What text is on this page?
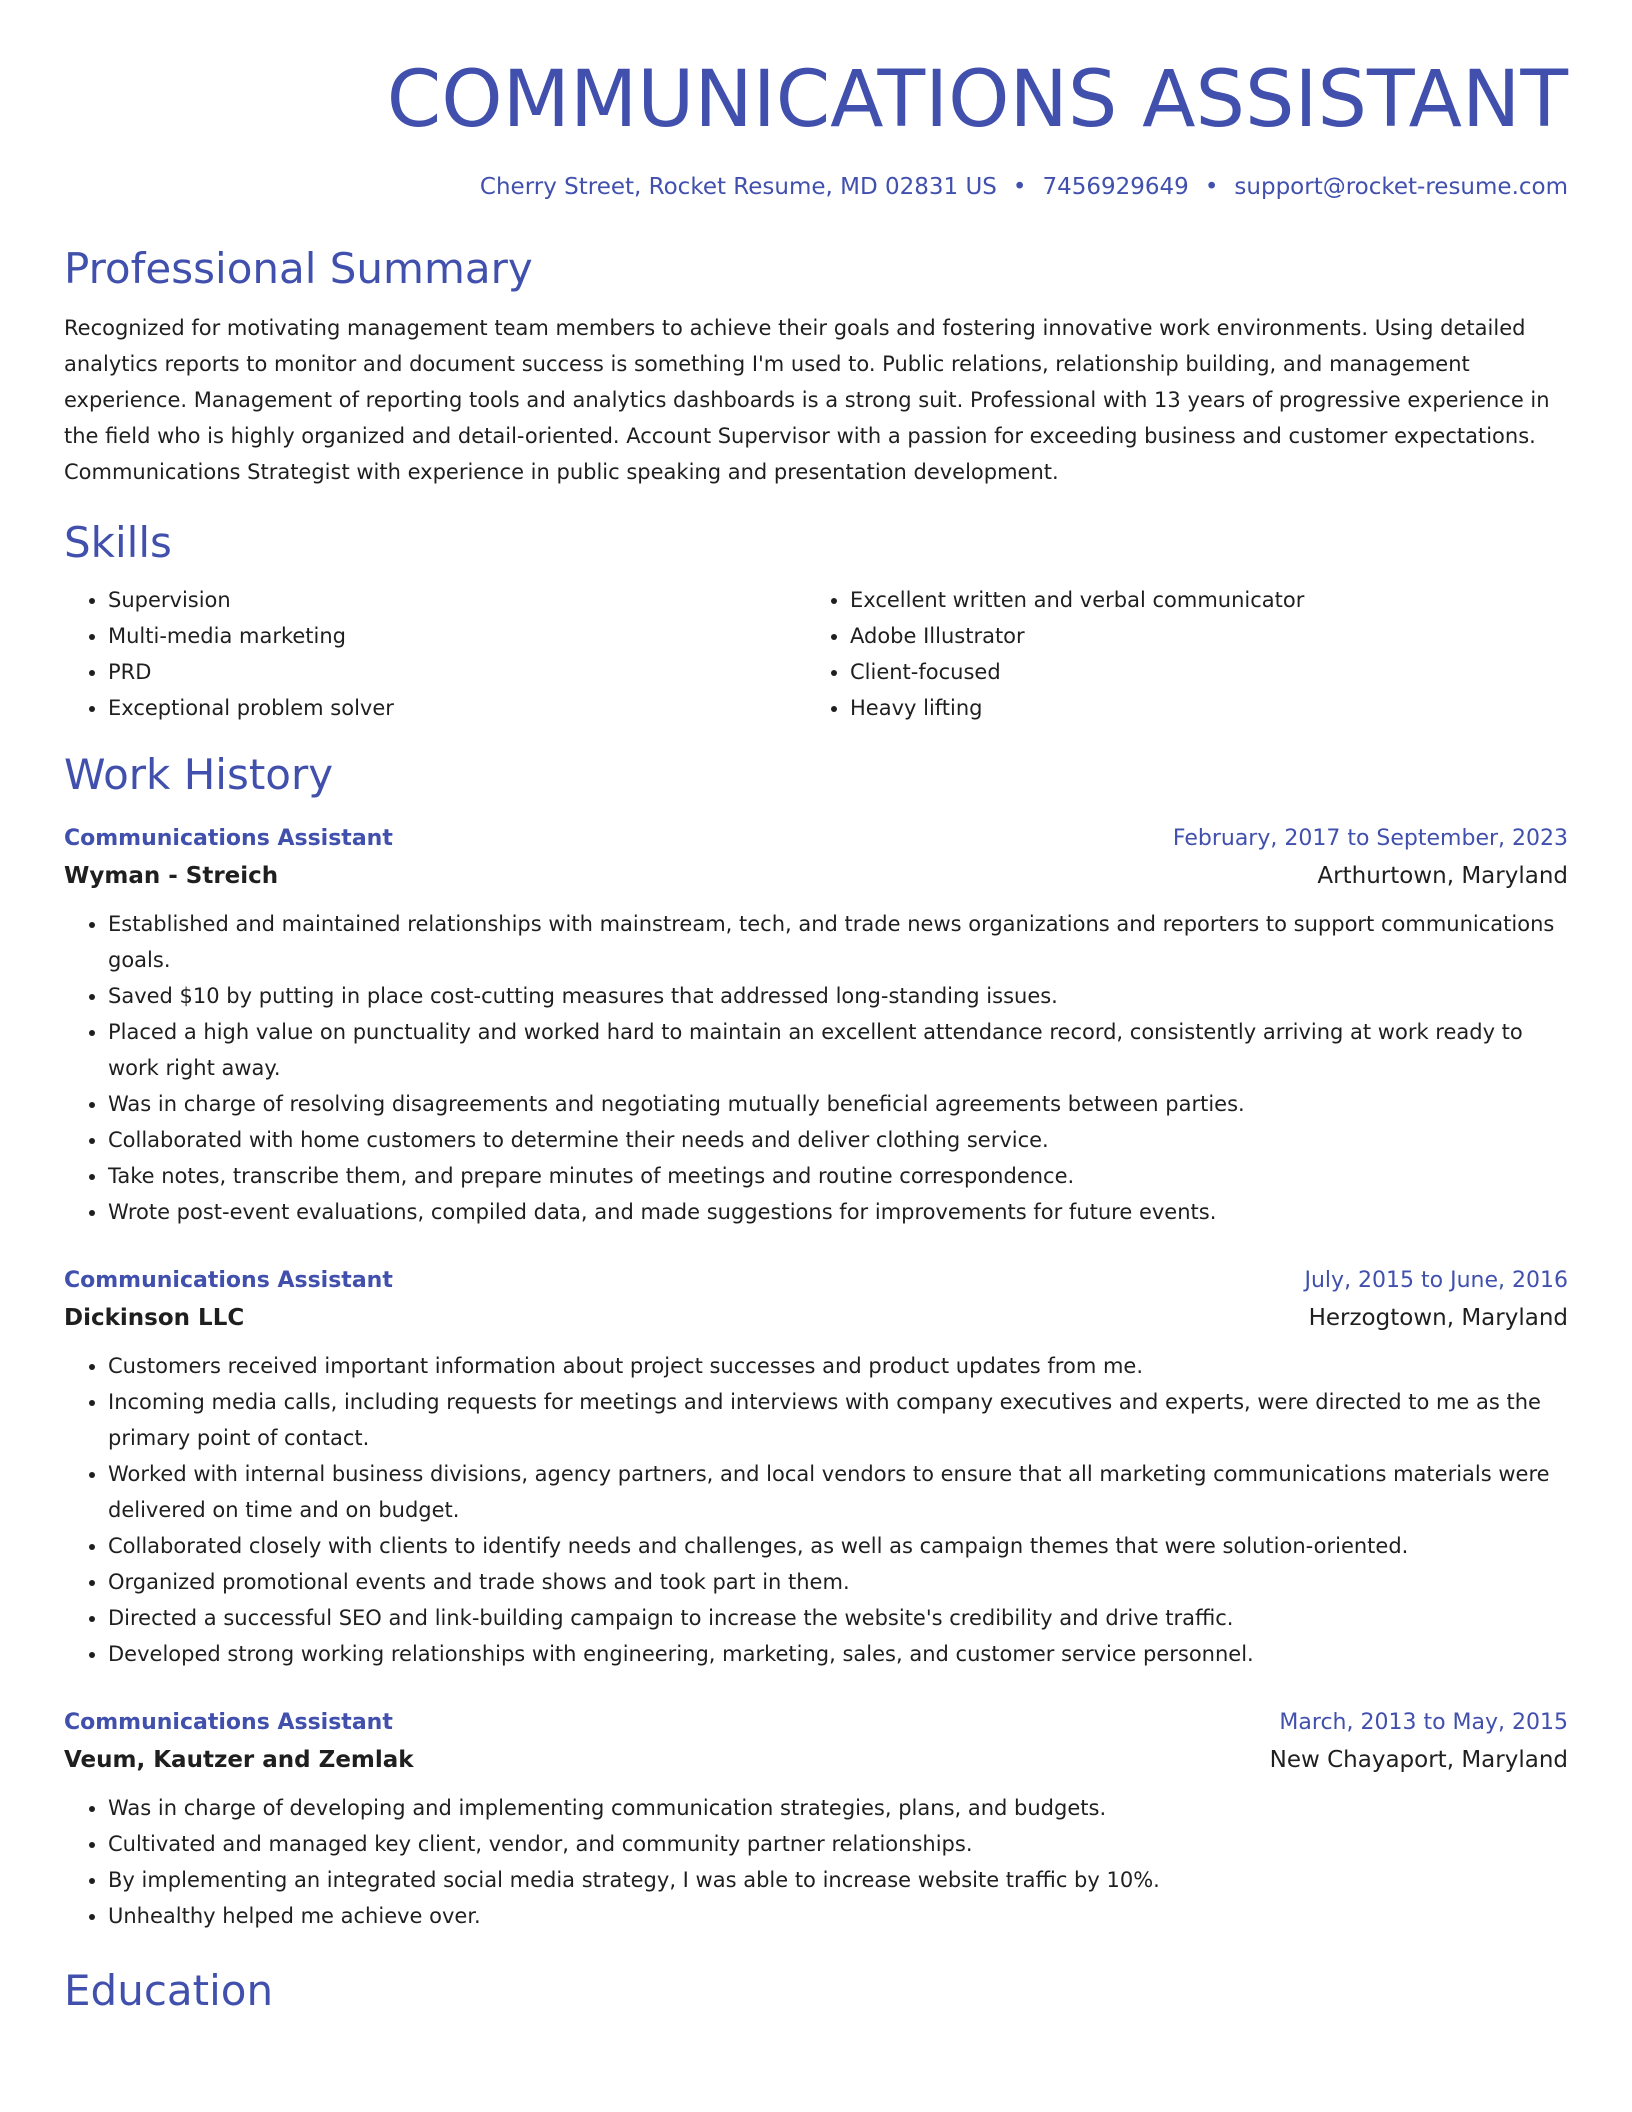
COMMUNICATIONS ASSISTANT
Cherry Street, Rocket Resume, MD 02831 US • 7456929649 • support@rocket-resume.com
Professional Summary

Recognized for motivating management team members to achieve their goals and fostering innovative work environments. Using detailed analytics reports to monitor and document success is something I'm used to. Public relations, relationship building, and management experience. Management of reporting tools and analytics dashboards is a strong suit. Professional with 13 years of progressive experience in the field who is highly organized and detail-oriented. Account Supervisor with a passion for exceeding business and customer expectations. Communications Strategist with experience in public speaking and presentation development.

Skills
• Supervision
• Multi-media marketing
• PRD
• Exceptional problem solver
• Excellent written and verbal communicator
• Adobe Illustrator
• Client-focused
• Heavy lifting
Work History
Communications Assistant	February, 2017 to September, 2023
Wyman - Streich	Arthurtown, Maryland
• Established and maintained relationships with mainstream, tech, and trade news organizations and reporters to support communications goals.
• Saved $10 by putting in place cost-cutting measures that addressed long-standing issues.
• Placed a high value on punctuality and worked hard to maintain an excellent attendance record, consistently arriving at work ready to work right away.
• Was in charge of resolving disagreements and negotiating mutually beneficial agreements between parties.
• Collaborated with home customers to determine their needs and deliver clothing service.
• Take notes, transcribe them, and prepare minutes of meetings and routine correspondence.
• Wrote post-event evaluations, compiled data, and made suggestions for improvements for future events.
Communications Assistant	July, 2015 to June, 2016
Dickinson LLC	Herzogtown, Maryland
• Customers received important information about project successes and product updates from me.
• Incoming media calls, including requests for meetings and interviews with company executives and experts, were directed to me as the primary point of contact.
• Worked with internal business divisions, agency partners, and local vendors to ensure that all marketing communications materials were delivered on time and on budget.
• Collaborated closely with clients to identify needs and challenges, as well as campaign themes that were solution-oriented.
• Organized promotional events and trade shows and took part in them.
• Directed a successful SEO and link-building campaign to increase the website's credibility and drive traffic.
• Developed strong working relationships with engineering, marketing, sales, and customer service personnel.
Communications Assistant	March, 2013 to May, 2015
Veum, Kautzer and Zemlak	New Chayaport, Maryland
• Was in charge of developing and implementing communication strategies, plans, and budgets.
• Cultivated and managed key client, vendor, and community partner relationships.
• By implementing an integrated social media strategy, I was able to increase website traffic by 10%.
• Unhealthy helped me achieve over.
Education
